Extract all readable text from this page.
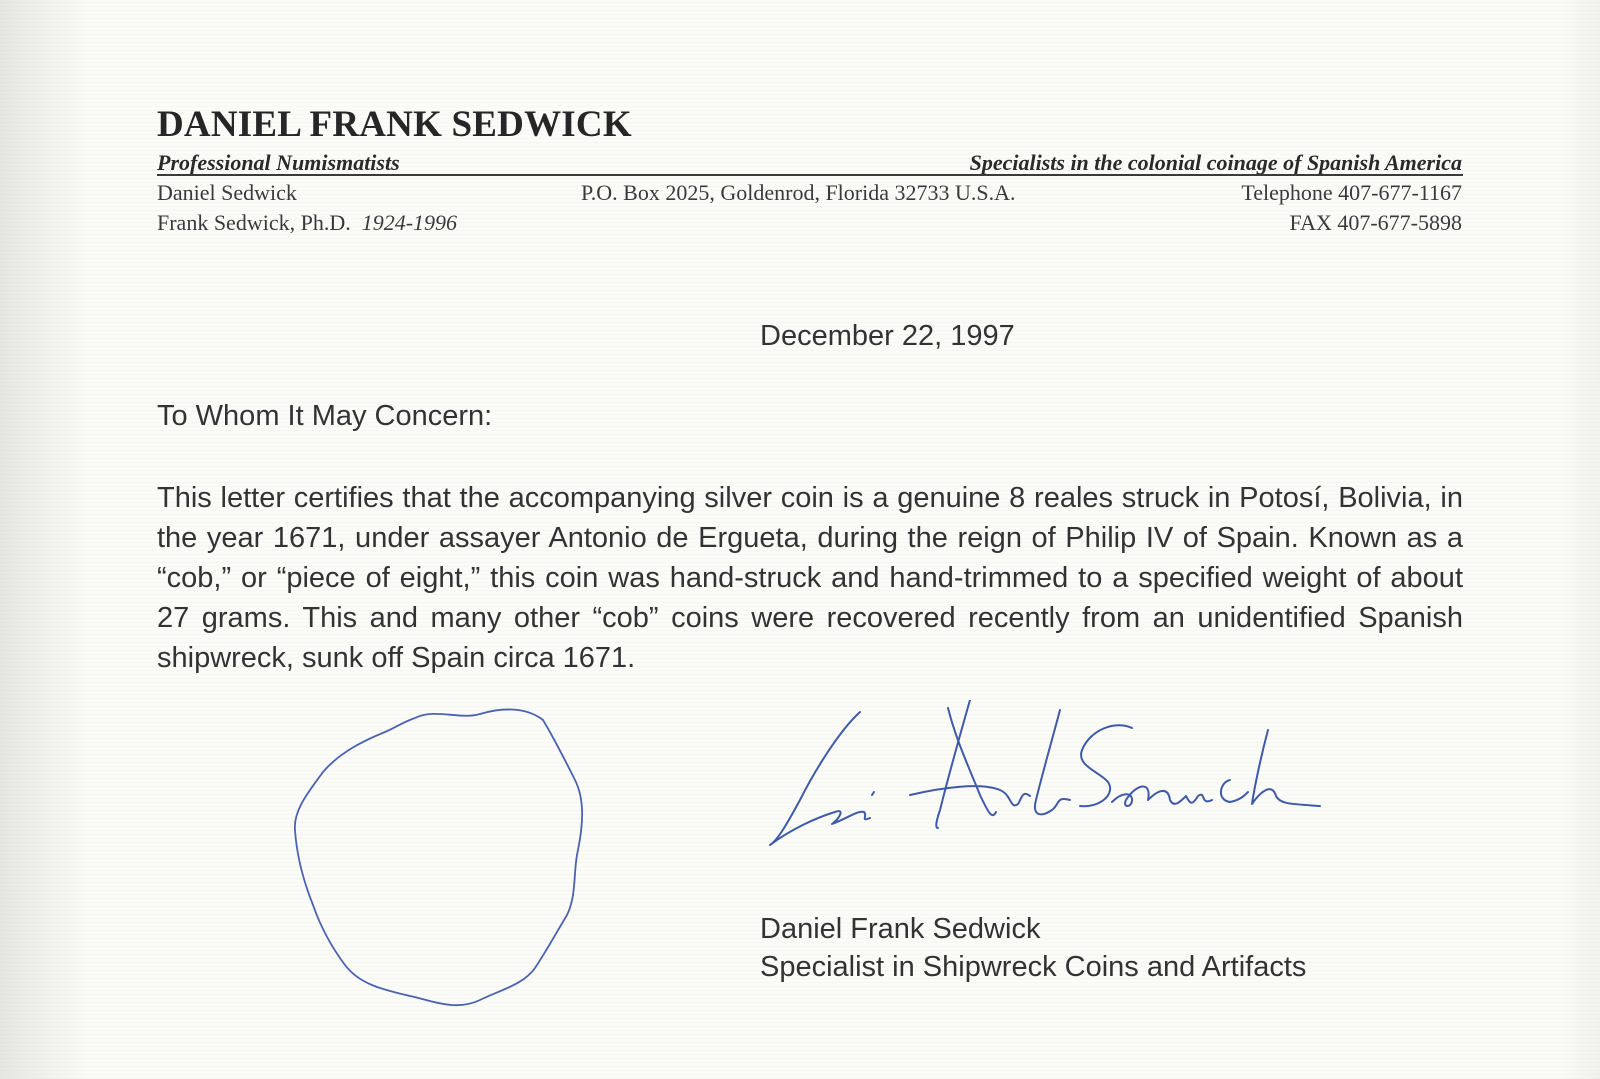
DANIEL FRANK SEDWICK
Professional Numismatists	Specialists in the colonial coinage of Spanish America
Daniel Sedwick
Frank Sedwick, Ph.D. 1924-1996
P.O. Box 2025, Goldenrod, Florida 32733 U.S.A.	Telephone 407-677-1167
FAX 407-677-5898
December 22, 1997
To Whom It May Concern:
This letter certifies that the accompanying silver coin is a genuine 8 reales struck in Potosí, Bolivia, in the year 1671, under assayer Antonio de Ergueta, during the reign of Philip IV of Spain. Known as a “cob,” or “piece of eight,” this coin was hand-struck and hand-trimmed to a specified weight of about 27 grams. This and many other “cob” coins were recovered recently from an unidentified Spanish shipwreck, sunk off Spain circa 1671.
Daniel Frank Sedwick
Specialist in Shipwreck Coins and Artifacts
